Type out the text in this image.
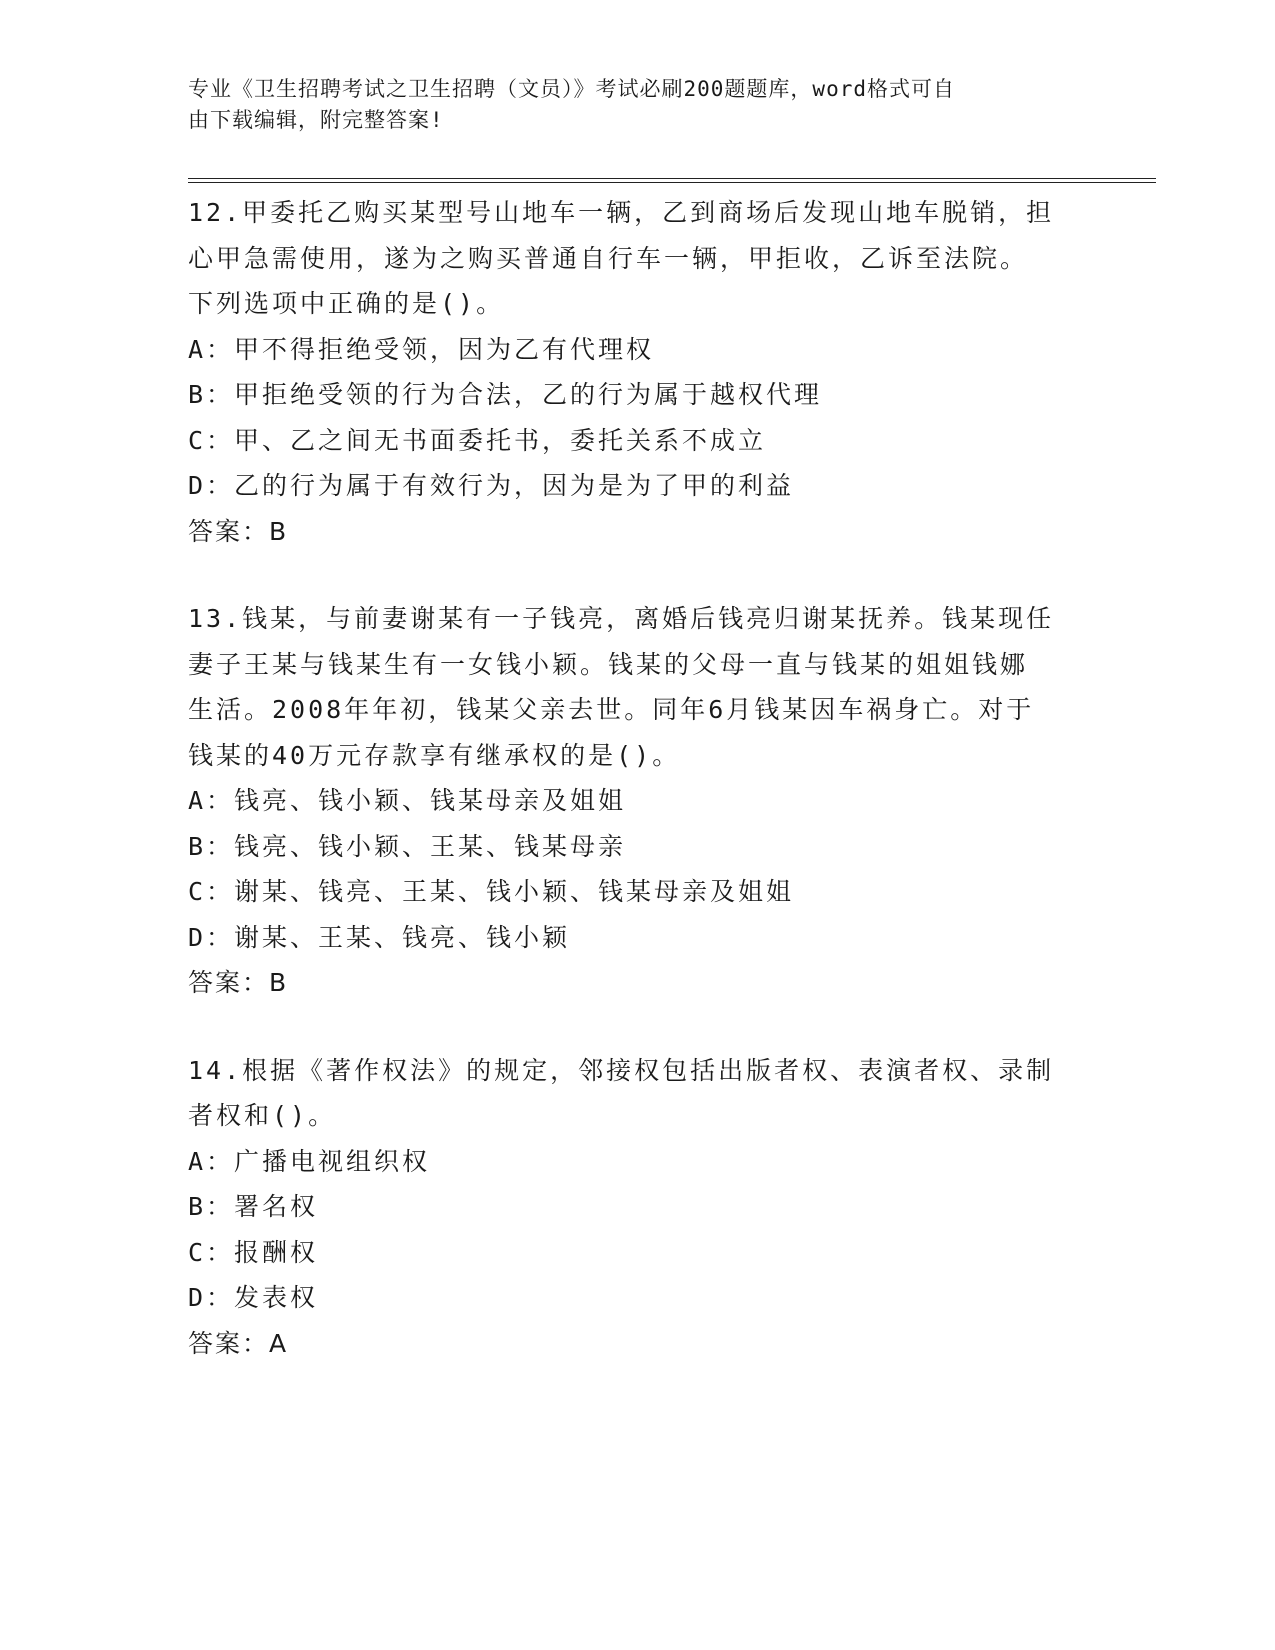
专业《卫生招聘考试之卫生招聘（文员）》考试必刷200题题库，word格式可自
由下载编辑，附完整答案!

12.甲委托乙购买某型号山地车一辆，乙到商场后发现山地车脱销，担

心甲急需使用，遂为之购买普通自行车一辆，甲拒收，乙诉至法院。

下列选项中正确的是()。

A：甲不得拒绝受领，因为乙有代理权

B：甲拒绝受领的行为合法，乙的行为属于越权代理

C：甲、乙之间无书面委托书，委托关系不成立

D：乙的行为属于有效行为，因为是为了甲的利益

答案：B

13.钱某，与前妻谢某有一子钱亮，离婚后钱亮归谢某抚养。钱某现任

妻子王某与钱某生有一女钱小颖。钱某的父母一直与钱某的姐姐钱娜

生活。2008年年初，钱某父亲去世。同年6月钱某因车祸身亡。对于

钱某的40万元存款享有继承权的是()。

A：钱亮、钱小颖、钱某母亲及姐姐

B：钱亮、钱小颖、王某、钱某母亲

C：谢某、钱亮、王某、钱小颖、钱某母亲及姐姐

D：谢某、王某、钱亮、钱小颖

答案：B

14.根据《著作权法》的规定，邻接权包括出版者权、表演者权、录制

者权和()。

A：广播电视组织权

B：署名权

C：报酬权

D：发表权

答案：A
